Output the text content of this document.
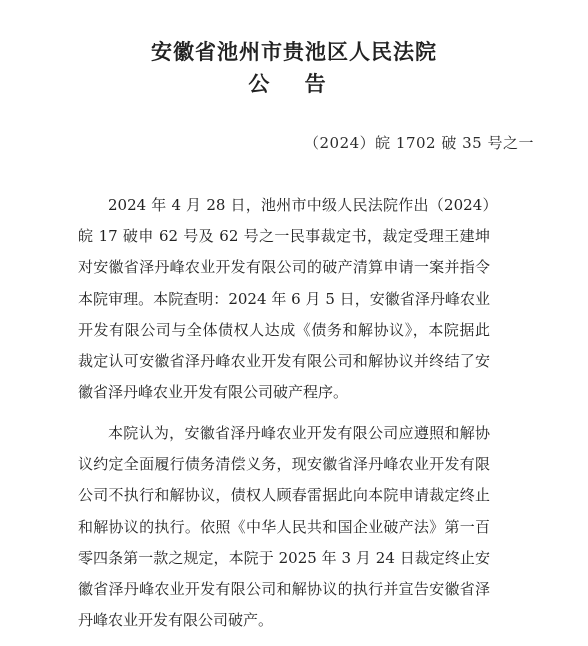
安徽省池州市贵池区人民法院
公 告
（2024）皖 1702 破 35 号之一

2024 年 4 月 28 日，池州市中级人民法院作出（2024）皖 17 破申 62 号及 62 号之一民事裁定书，裁定受理王建坤对安徽省泽丹峰农业开发有限公司的破产清算申请一案并指令本院审理。本院查明：2024 年 6 月 5 日，安徽省泽丹峰农业开发有限公司与全体债权人达成《债务和解协议》，本院据此裁定认可安徽省泽丹峰农业开发有限公司和解协议并终结了安徽省泽丹峰农业开发有限公司破产程序。

本院认为，安徽省泽丹峰农业开发有限公司应遵照和解协议约定全面履行债务清偿义务，现安徽省泽丹峰农业开发有限公司不执行和解协议，债权人顾春雷据此向本院申请裁定终止和解协议的执行。依照《中华人民共和国企业破产法》第一百零四条第一款之规定，本院于 2025 年 3 月 24 日裁定终止安徽省泽丹峰农业开发有限公司和解协议的执行并宣告安徽省泽丹峰农业开发有限公司破产。
